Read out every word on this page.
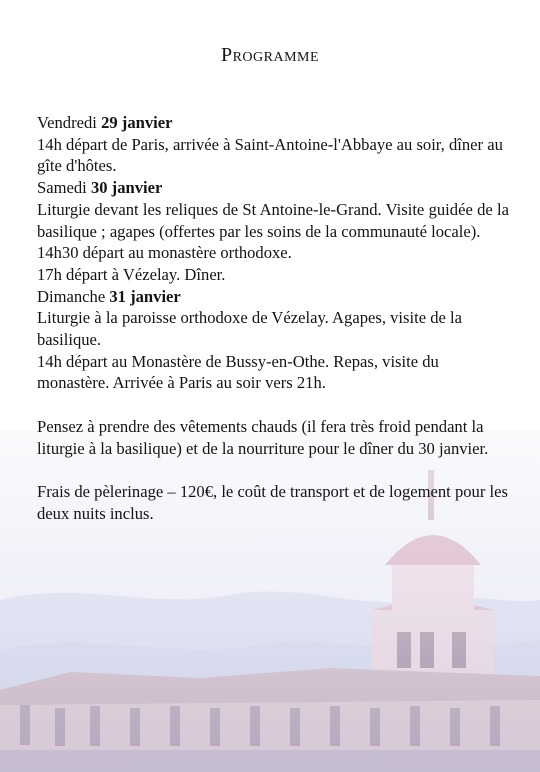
Programme
Vendredi 29 janvier
14h départ de Paris, arrivée à Saint-Antoine-l'Abbaye au soir, dîner au gîte d'hôtes.
Samedi 30 janvier
Liturgie devant les reliques de St Antoine-le-Grand. Visite guidée de la basilique ; agapes (offertes par les soins de la communauté locale).
14h30 départ au monastère orthodoxe.
17h départ à Vézelay. Dîner.
Dimanche 31 janvier
Liturgie à la paroisse orthodoxe de Vézelay. Agapes, visite de la basilique.
14h départ au Monastère de Bussy-en-Othe. Repas, visite du monastère. Arrivée à Paris au soir vers 21h.
Pensez à prendre des vêtements chauds (il fera très froid pendant la liturgie à la basilique) et de la nourriture pour le dîner du 30 janvier.
Frais de pèlerinage – 120€, le coût de transport et de logement pour les deux nuits inclus.
